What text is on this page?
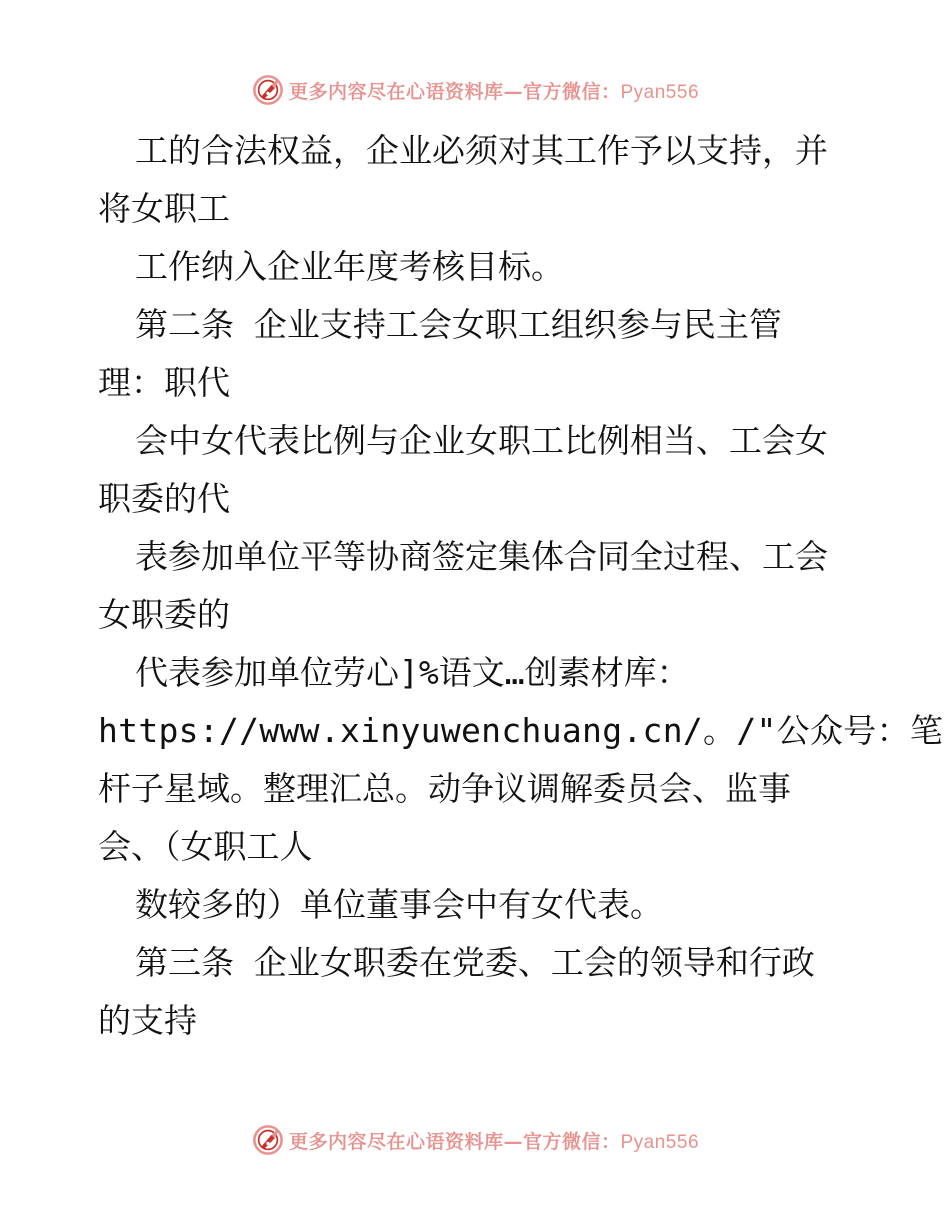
更多内容尽在心语资料库—官方微信：Pyan556
工的合法权益，企业必须对其工作予以支持，并
将女职工
工作纳入企业年度考核目标。
第二条 企业支持工会女职工组织参与民主管
理：职代
会中女代表比例与企业女职工比例相当、工会女
职委的代
表参加单位平等协商签定集体合同全过程、工会
女职委的
代表参加单位劳心]%语文…创素材库：
https://www.xinyuwenchuang.cn/。/"公众号：笔
杆子星域。整理汇总。动争议调解委员会、监事
会、（女职工人
数较多的）单位董事会中有女代表。
第三条 企业女职委在党委、工会的领导和行政
的支持
更多内容尽在心语资料库—官方微信：Pyan556
